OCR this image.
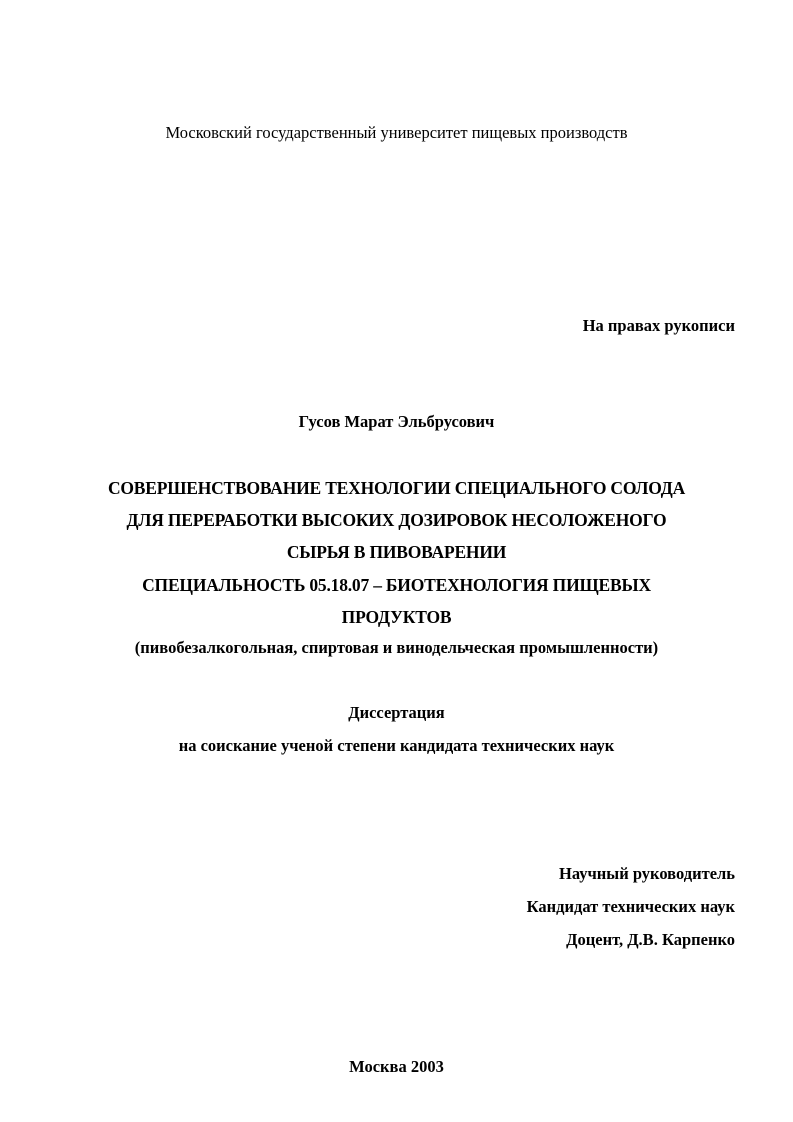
Московский государственный университет пищевых производств
На правах рукописи
Гусов Марат Эльбрусович
СОВЕРШЕНСТВОВАНИЕ ТЕХНОЛОГИИ СПЕЦИАЛЬНОГО СОЛОДА
ДЛЯ ПЕРЕРАБОТКИ ВЫСОКИХ ДОЗИРОВОК НЕСОЛОЖЕНОГО
СЫРЬЯ В ПИВОВАРЕНИИ
СПЕЦИАЛЬНОСТЬ 05.18.07 – БИОТЕХНОЛОГИЯ ПИЩЕВЫХ
ПРОДУКТОВ
(пивобезалкогольная, спиртовая и винодельческая промышленности)
Диссертация
на соискание ученой степени кандидата технических наук
Научный руководитель
Кандидат технических наук
Доцент, Д.В. Карпенко
Москва 2003
